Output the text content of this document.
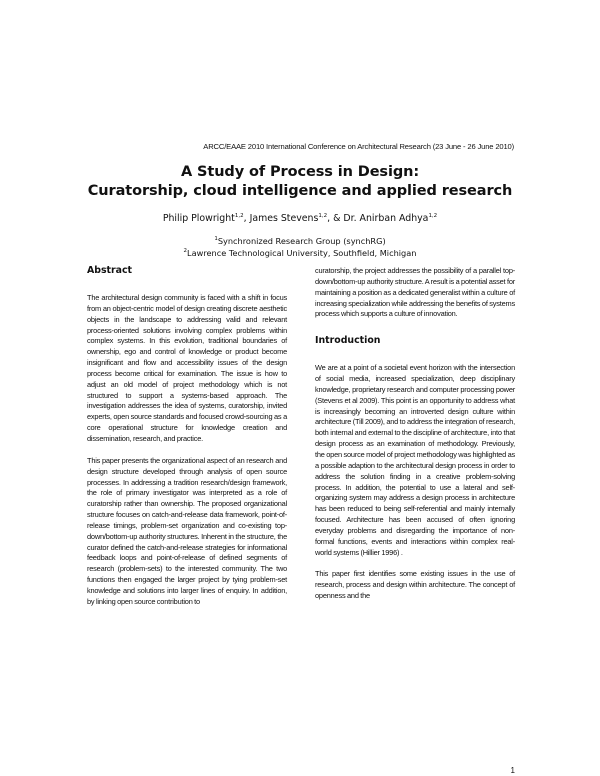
ARCC/EAAE 2010 International Conference on Architectural Research (23 June - 26 June 2010)
A Study of Process in Design:
Curatorship, cloud intelligence and applied research
Philip Plowright$^{1,2}$, James Stevens$^{1,2}$, & Dr. Anirban Adhya$^{1,2}$
$^1$Synchronized Research Group (synchRG)
$^2$Lawrence Technological University, Southfield, Michigan
Abstract

The architectural design community is faced with a shift in focus from an object-centric model of design creating discrete aesthetic objects in the landscape to addressing valid and relevant process-oriented solutions involving complex problems within complex systems. In this evolution, traditional boundaries of ownership, ego and control of knowledge or product become insignificant and flow and accessibility issues of the design process become critical for examination. The issue is how to adjust an old model of project methodology which is not structured to support a systems-based approach. The investigation addresses the idea of systems, curatorship, invited experts, open source standards and focused crowd-sourcing as a core operational structure for knowledge creation and dissemination, research, and practice.

This paper presents the organizational aspect of an research and design structure developed through analysis of open source processes. In addressing a tradition research/design framework, the role of primary investigator was interpreted as a role of curatorship rather than ownership. The proposed organizational structure focuses on catch-and-release data framework, point-of-release timings, problem-set organization and co-existing top-down/bottom-up authority structures. Inherent in the structure, the curator defined the catch-and-release strategies for informational feedback loops and point-of-release of defined segments of research (problem-sets) to the interested community. The two functions then engaged the larger project by tying problem-set knowledge and solutions into larger lines of enquiry. In addition, by linking open source contribution to

curatorship, the project addresses the possibility of a parallel top-down/bottom-up authority structure. A result is a potential asset for maintaining a position as a dedicated generalist within a culture of increasing specialization while addressing the benefits of systems process which supports a culture of innovation.

Introduction

We are at a point of a societal event horizon with the intersection of social media, increased specialization, deep disciplinary knowledge, proprietary research and computer processing power (Stevens et al 2009). This point is an opportunity to address what is increasingly becoming an introverted design culture within architecture (Till 2009), and to address the integration of research, both internal and external to the discipline of architecture, into that design process as an examination of methodology. Previously, the open source model of project methodology was highlighted as a possible adaption to the architectural design process in order to address the solution finding in a creative problem-solving process. In addition, the potential to use a lateral and self-organizing system may address a design process in architecture has been reduced to being self-referential and mainly internally focused. Architecture has been accused of often ignoring everyday problems and disregarding the importance of non-formal functions, events and interactions within complex real-world systems (Hillier 1996) .

This paper first identifies some existing issues in the use of research, process and design within architecture. The concept of openness and the

1
